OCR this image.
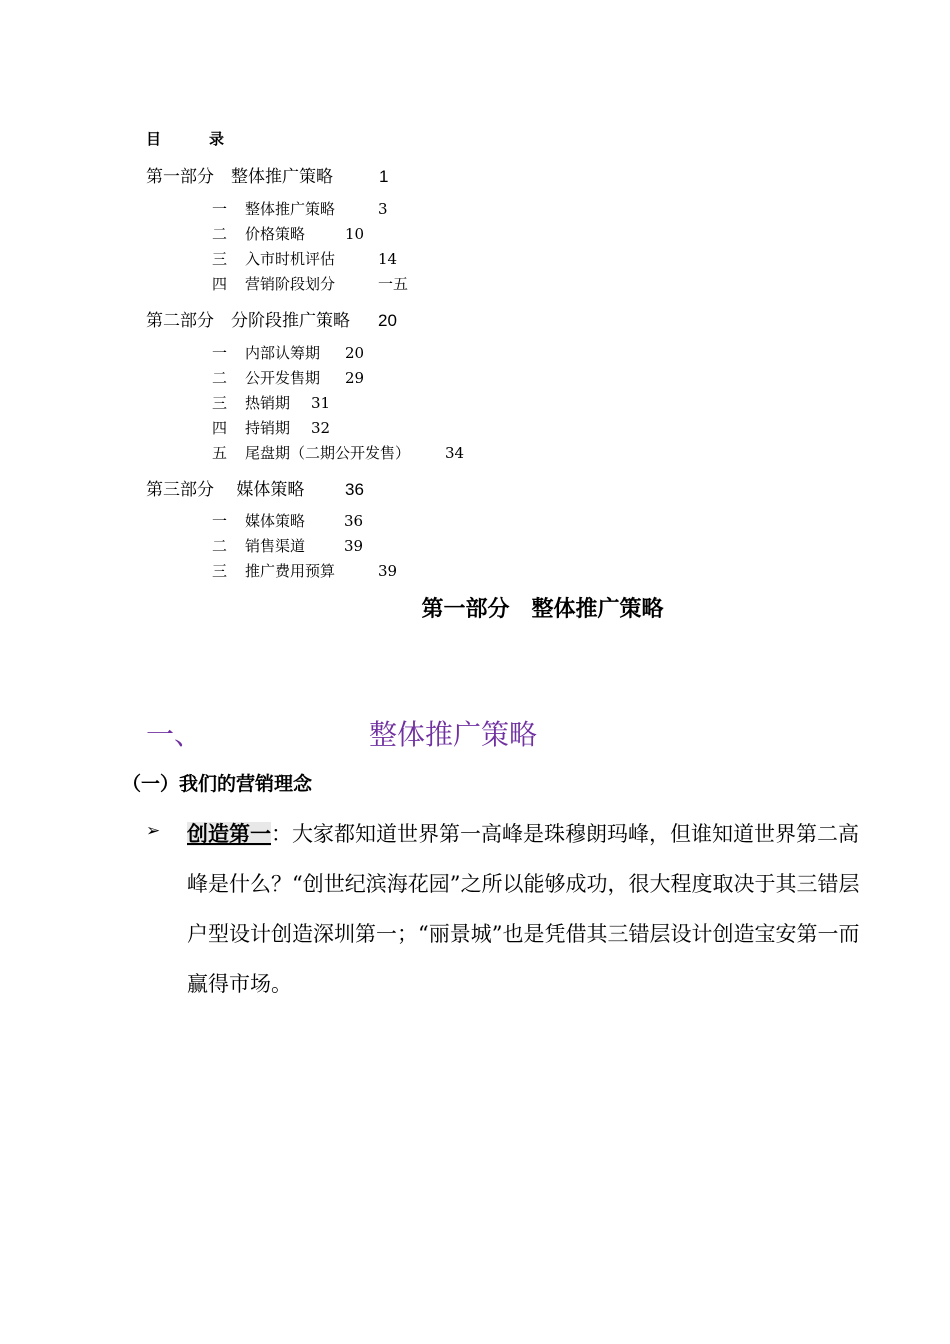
目	录
第一部分　整体推广策略	1
一 整体推广策略	3
二 价格策略	10
三 入市时机评估	14
四 营销阶段划分	一五
第二部分　分阶段推广策略 20
一 内部认筹期 20
二 公开发售期 29
三 热销期 31
四 持销期 32
五 尾盘期（二期公开发售） 34
第三部分　 媒体策略 36
一 媒体策略	36
二 销售渠道	39
三 推广费用预算	39
第一部分　整体推广策略
一、	整体推广策略
（一）我们的营销理念
➢ 创造第一：大家都知道世界第一高峰是珠穆朗玛峰，但谁知道世界第二高峰是什么？“创世纪滨海花园”之所以能够成功，很大程度取决于其三错层户型设计创造深圳第一；“丽景城”也是凭借其三错层设计创造宝安第一而赢得市场。
